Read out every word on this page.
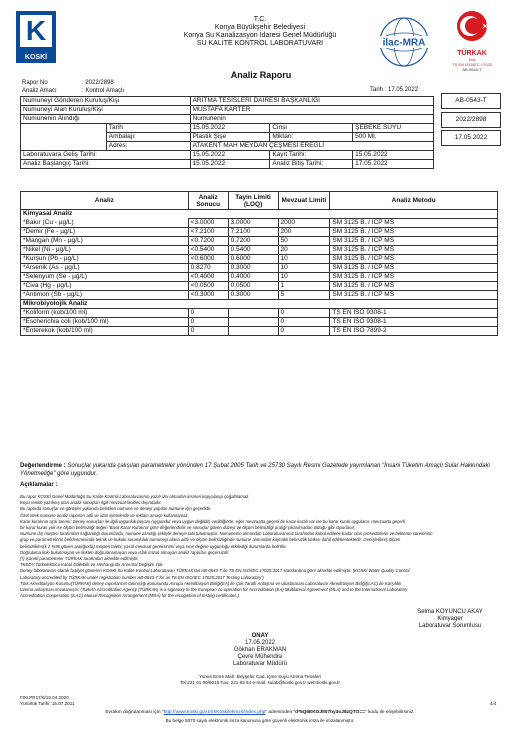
K
KOSKİ
T.C.
Konya Büyükşehir Belediyesi
Konya Su Kanalizasyon İdaresi Genel Müdürlüğü
SU KALİTE KONTROL LABORATUVARI	ilac-MRA
TÜRKAK
Test
TS EN ISO/IEC 17025
AB-0543-T
Analiz Raporu
Rapor No	: 2022/2898
Analiz Amacı	: Kontrol Amaçlı	Tarih : 17.05.2022
Numuneyi Gönderen Kuruluş/Kişi		ARITMA TESİSLERİ DAİRESİ BAŞKANLIĞI		
Numuneyi Alan Kuruluş/Kişi		MUSTAFA KARTER		
Numunenin Alındığı		Numunenin		
	Tarih	15.05.2022	Cinsi	ŞEBEKE SUYU
	Ambalajı:	Plastik Şişe	Miktarı:	500 Ml.
	Adres:	ATAKENT MAH MEYDAN ÇEŞMESİ EREĞLİ		
Laboratuvara Geliş Tarihi:		15.05.2022	Kayıt Tarihi:	15.05.2022
Analiz Başlangıç Tarihi:		15.05.2022	Analiz Bitiş Tarihi:	17.05.2022
AB-0543-T
2022/2898
17.05.2022
Analiz	Analiz Sonucu	Tayin Limiti (LOQ)	Mevzuat Limiti	Analiz Metodu
Kimyasal Analiz				
*Bakır (Cu - µg/L)	<3.0000	3.0000	2000	SM 3125 B. / ICP MS
*Demir (Fe - µg/L)	<7.2100	7.2100	200	SM 3125 B. / ICP MS
*Mangan (Mn - µg/L)	<0.7200	0.7200	50	SM 3125 B. / ICP MS
*Nikel (Ni - µg/L)	<0.5400	0.5400	20	SM 3125 B. / ICP MS
*Kurşun (Pb - µg/L)	<0.6000	0.6000	10	SM 3125 B. / ICP MS
*Arsenik (As - µg/L)	0.8270	0.3000	10	SM 3125 B. / ICP MS
*Selenyum (Se - µg/L)	<0.4000	0.4000	10	SM 3125 B. / ICP MS
*Civa (Hg - µg/L)	<0.0500	0.0500	1	SM 3125 B. / ICP MS
*Antimon (Sb - µg/L)	<0.3000	0.3000	5	SM 3125 B. / ICP MS
Mikrobiyolojik Analiz				
*Koliform (kob/100 ml)	0		0	TS EN ISO 9308-1
*Escherichia coli (kob/100 ml)	0		0	TS EN ISO 9308-1
*Enterekok (kob/100 ml)	0		0	TS EN ISO 7899-2
Değerlendirme : Sonuçlar yukarıda çalışılan parametreler yönünden 17 Şubat 2005 Tarih ve 25730 Sayılı Resmi Gazetede yayımlanan "İnsani Tüketim Amaçlı Sular Hakkındaki Yönetmeliğe" göre uygundur.
Açıklamalar :
Bu rapor KOSKİ Genel Müdürlüğü Su Kalite Kontrol Laboratuvarının yazılı izni olmadan kısmen kopyalanıp çoğaltılamaz.
Koyu renkle yazılmış olan analiz sonuçları ilgili mevzuat limitleri dışındadır.
Bu raporda sonuçlar ve görüşler yukarıda belirtilen numune ve deneyi yapılan numune için geçerlidir.
Özel istek numune analiz raporları adli ve idari işlemlerde ve reklam amaçlı kullanılamaz.
Karar kuralının açık tanımı; Deney sonuçları ile ilgili uygunluk beyanı (uygundur veya uygun değildir) verildiğinde, eğer mevzuatta geçerli bir karar kuralı var ise bu karar kuralı uygulanır, mevzuatta geçerli
bir karar kuralı yok ise ölçüm belirsizliği değeri 'Basit Karar Kuralına' göre değerlendirilir ve sonuçlar güven düzeyi ve ölçüm belirsizliği aralığı çıkarılmadan olduğu gibi raporlanır.
Numune dış müşteri tarafından sağlandığı durumlarda, numune alındığı şekliyle deneye tabi tutulmuştur. Numunenin alımından Laboratuvarımız tarafından kabul edilene kadar olan prosedürlerin ve bekleme sürelerinin
grup ve parametrelerin belirlenmesinde teknik ve hukuki sorumluluk numuneyi alana aittir ve ölçüm belirsizliğinde numune alımından kaynaklı belirsizlik katkısı dahil edilmemektedir. Genişletilmiş ölçüm
belirsizlikleri(k 2 %95 güven aralığında) müşteri talebi; yasal mevzuat gereksinimi veya sınır değere uygunluğu etkilediği durumlarda belirtilir.
Doğrulama linki bulunmayan ve linkten doğrulanamayan veya ıslak imzalı olmayan analiz raporları geçersizdir.
(*) işaretli parametreler TÜRKAK tarafından akredite edilmiştir.
TKEDY:Türkelektrica Kabul Edilebilir ve Herhangi Bir Anormal Değişim Yok.
Deney laboratuvarı olarak faaliyet gösteren KOSKİ Su Kalite Kontrol Laboratuvarı TÜRKAK'tan AB-0543-T ile TS EN ISO/IEC 17025:2017 standardına göre akredite edilmiştir. (KOSKİ Water Quality Control
Laboratory accredited by TÜRKAK under registration number AB-0543-T for as TS EN ISO/IEC 17025:2017 Testing Laboratory')
Türk Akreditasyon Kurumu(TÜRKAK) deney raporlarının tanınırlığı konusunda Avrupa Akreditasyon Birliği(EA) ile Çok Taraflı Anlaşma ve Uluslararası Laboratuvar Akreditasyon Birliği(ILAC) ile Karşılıklı
tanıma anlaşması imzalamıştır. (Turkish Accreditation Agency (TÜRKAK) is a signatory to the European co-operation for Accreditation (EA) Multilateral Agreement (MLA) and to the International Laboratory
Accreditation Cooperation (ILAC) Mutual Recognition Arrangement (MRA) for the recognition of testing certificates.)
Selma KOYUNCU AKAY
Kimyager
Laboratuvar Sorumlusu
ONAY
17.05.2022
Gökhan ERAKMAN
Çevre Mühendisi
Laboratuvar Müdürü
Yunus Emre Mah. Beyşehir Cad. İçme Suyu Arıtma Tesisleri
Tel:221 61 00/6015 Fax: 221 63 54 e-mail: sulab@koski.gov.tr web:koski.gov.tr
F06.PR17/6/15.04.2020
Yürürlük Tarihi: 15.07.2011	4/4
Evrakın doğrulanması için "http://www.koski.gov.tr/mKoski/ekmzs/index.php" adresinden "d*5Q5EKOJlI07hy3oJ8zQTO==" kodu ile erişebilirsiniz.
Bu belge 5070 sayılı elektronik imza kanununa göre güvenli elektronik imza ile imzalanmıştır.
